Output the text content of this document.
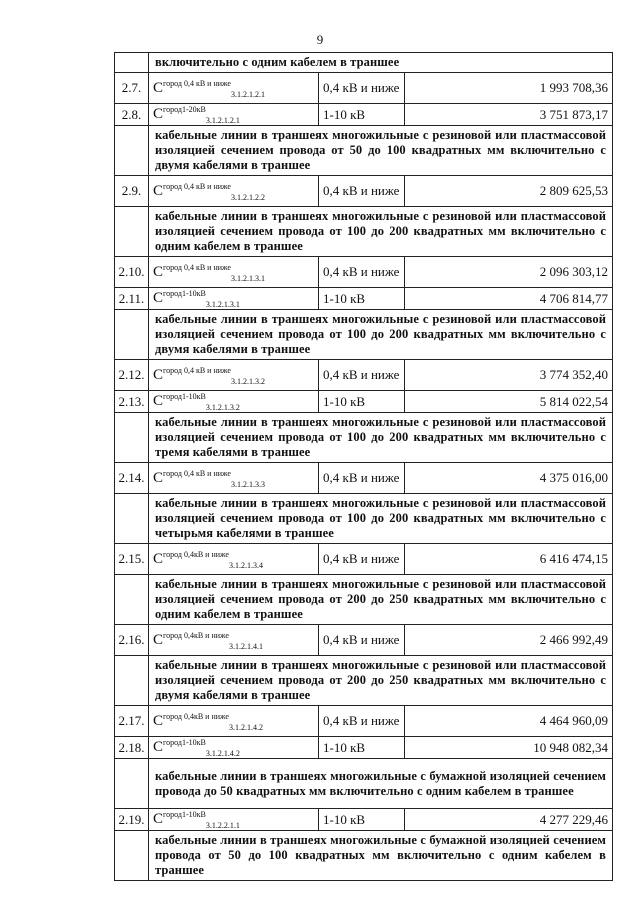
9
	включительно с одним кабелем в траншее		
2.7.	$C^{город 0,4 кВ и ниже}_{3.1.2.1.2.1}$	0,4 кВ и ниже	1 993 708,36
2.8.	$C^{город1-20кВ}_{3.1.2.1.2.1}$	1-10 кВ	3 751 873,17
	кабельные линии в траншеях многожильные с резиновой или пластмассовой изоляцией сечением провода от 50 до 100 квадратных мм включительно с двумя кабелями в траншее		
2.9.	$C^{город 0,4 кВ и ниже}_{3.1.2.1.2.2}$	0,4 кВ и ниже	2 809 625,53
	кабельные линии в траншеях многожильные с резиновой или пластмассовой изоляцией сечением провода от 100 до 200 квадратных мм включительно с одним кабелем в траншее		
2.10.	$C^{город 0,4 кВ и ниже}_{3.1.2.1.3.1}$	0,4 кВ и ниже	2 096 303,12
2.11.	$C^{город1-10кВ}_{3.1.2.1.3.1}$	1-10 кВ	4 706 814,77
	кабельные линии в траншеях многожильные с резиновой или пластмассовой изоляцией сечением провода от 100 до 200 квадратных мм включительно с двумя кабелями в траншее		
2.12.	$C^{город 0,4 кВ и ниже}_{3.1.2.1.3.2}$	0,4 кВ и ниже	3 774 352,40
2.13.	$C^{город1-10кВ}_{3.1.2.1.3.2}$	1-10 кВ	5 814 022,54
	кабельные линии в траншеях многожильные с резиновой или пластмассовой изоляцией сечением провода от 100 до 200 квадратных мм включительно с тремя кабелями в траншее		
2.14.	$C^{город 0,4 кВ и ниже}_{3.1.2.1.3.3}$	0,4 кВ и ниже	4 375 016,00
	кабельные линии в траншеях многожильные с резиновой или пластмассовой изоляцией сечением провода от 100 до 200 квадратных мм включительно с четырьмя кабелями в траншее		
2.15.	$C^{город 0,4кВ и ниже}_{3.1.2.1.3.4}$	0,4 кВ и ниже	6 416 474,15
	кабельные линии в траншеях многожильные с резиновой или пластмассовой изоляцией сечением провода от 200 до 250 квадратных мм включительно с одним кабелем в траншее		
2.16.	$C^{город 0,4кВ и ниже}_{3.1.2.1.4.1}$	0,4 кВ и ниже	2 466 992,49
	кабельные линии в траншеях многожильные с резиновой или пластмассовой изоляцией сечением провода от 200 до 250 квадратных мм включительно с двумя кабелями в траншее		
2.17.	$C^{город 0,4кВ и ниже}_{3.1.2.1.4.2}$	0,4 кВ и ниже	4 464 960,09
2.18.	$C^{город1-10кВ}_{3.1.2.1.4.2}$	1-10 кВ	10 948 082,34
	кабельные линии в траншеях многожильные с бумажной изоляцией сечением провода до 50 квадратных мм включительно с одним кабелем в траншее		
2.19.	$C^{город1-10кВ}_{3.1.2.2.1.1}$	1-10 кВ	4 277 229,46
	кабельные линии в траншеях многожильные с бумажной изоляцией сечением провода от 50 до 100 квадратных мм включительно с одним кабелем в траншее		
